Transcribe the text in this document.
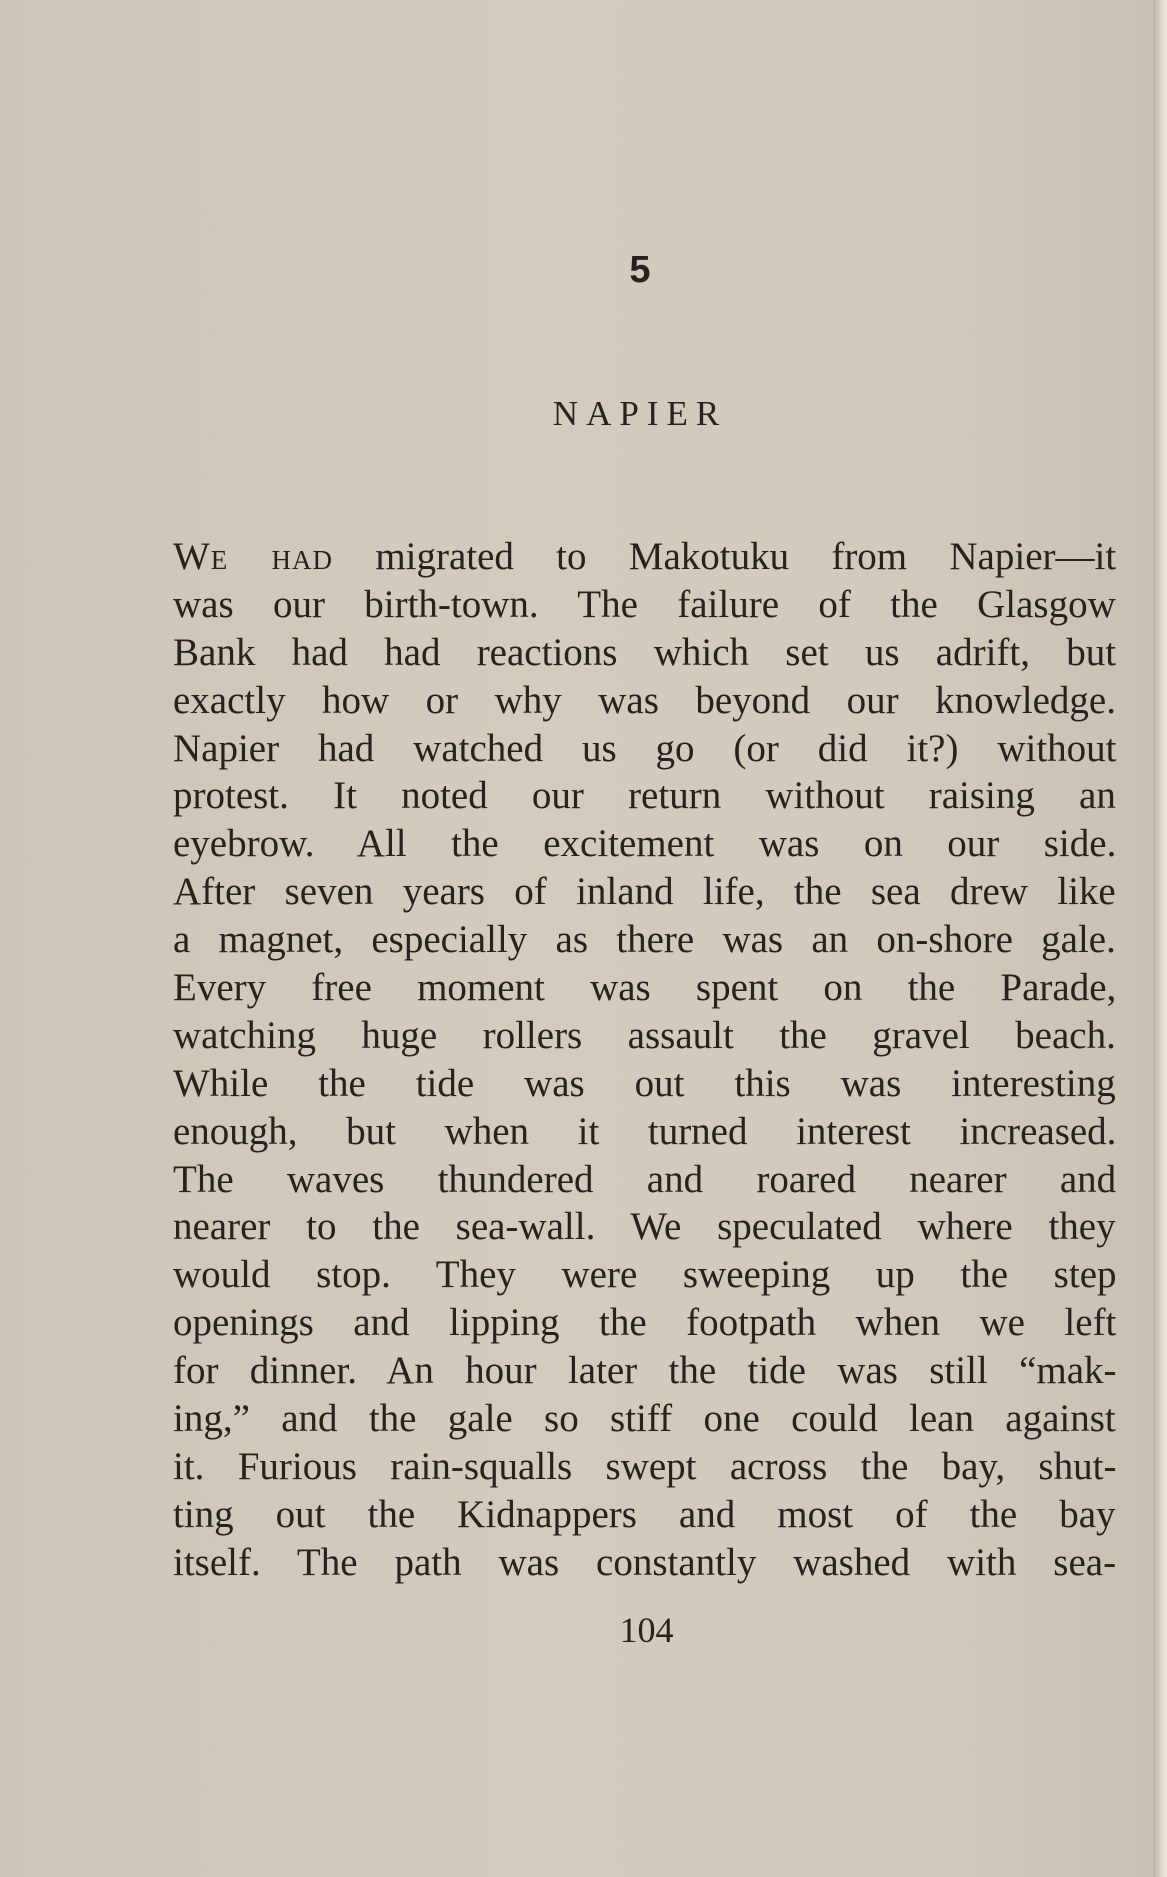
5
NAPIER
We had migrated to Makotuku from Napier—it
was our birth-town. The failure of the Glasgow
Bank had had reactions which set us adrift, but
exactly how or why was beyond our knowledge.
Napier had watched us go (or did it?) without
protest. It noted our return without raising an
eyebrow. All the excitement was on our side.
After seven years of inland life, the sea drew like
a magnet, especially as there was an on-shore gale.
Every free moment was spent on the Parade,
watching huge rollers assault the gravel beach.
While the tide was out this was interesting
enough, but when it turned interest increased.
The waves thundered and roared nearer and
nearer to the sea-wall. We speculated where they
would stop. They were sweeping up the step
openings and lipping the footpath when we left
for dinner. An hour later the tide was still “mak-
ing,” and the gale so stiff one could lean against
it. Furious rain-squalls swept across the bay, shut-
ting out the Kidnappers and most of the bay
itself. The path was constantly washed with sea-
104
